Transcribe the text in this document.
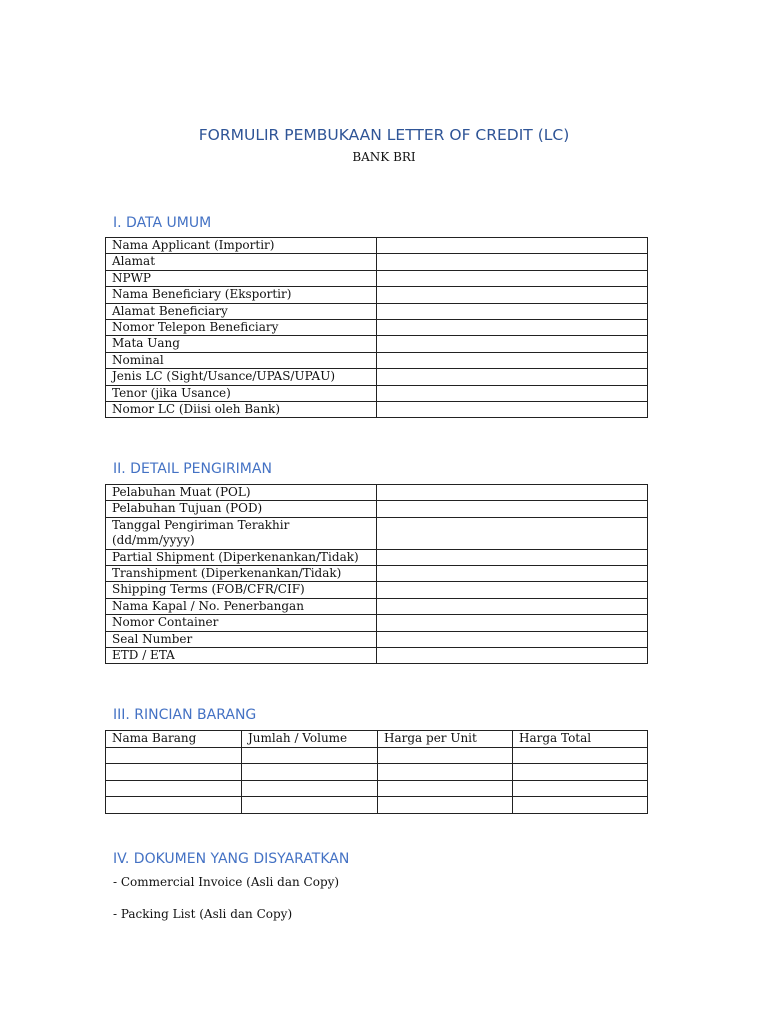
FORMULIR PEMBUKAAN LETTER OF CREDIT (LC)
BANK BRI
I. DATA UMUM
Nama Applicant (Importir)	
Alamat	
NPWP	
Nama Beneficiary (Eksportir)	
Alamat Beneficiary	
Nomor Telepon Beneficiary	
Mata Uang	
Nominal	
Jenis LC (Sight/Usance/UPAS/UPAU)	
Tenor (jika Usance)	
Nomor LC (Diisi oleh Bank)	
II. DETAIL PENGIRIMAN
Pelabuhan Muat (POL)	
Pelabuhan Tujuan (POD)	
Tanggal Pengiriman Terakhir (dd/mm/yyyy)	
Partial Shipment (Diperkenankan/Tidak)	
Transhipment (Diperkenankan/Tidak)	
Shipping Terms (FOB/CFR/CIF)	
Nama Kapal / No. Penerbangan	
Nomor Container	
Seal Number	
ETD / ETA	
III. RINCIAN BARANG
Nama Barang	Jumlah / Volume	Harga per Unit	Harga Total

IV. DOKUMEN YANG DISYARATKAN
- Commercial Invoice (Asli dan Copy)
- Packing List (Asli dan Copy)
